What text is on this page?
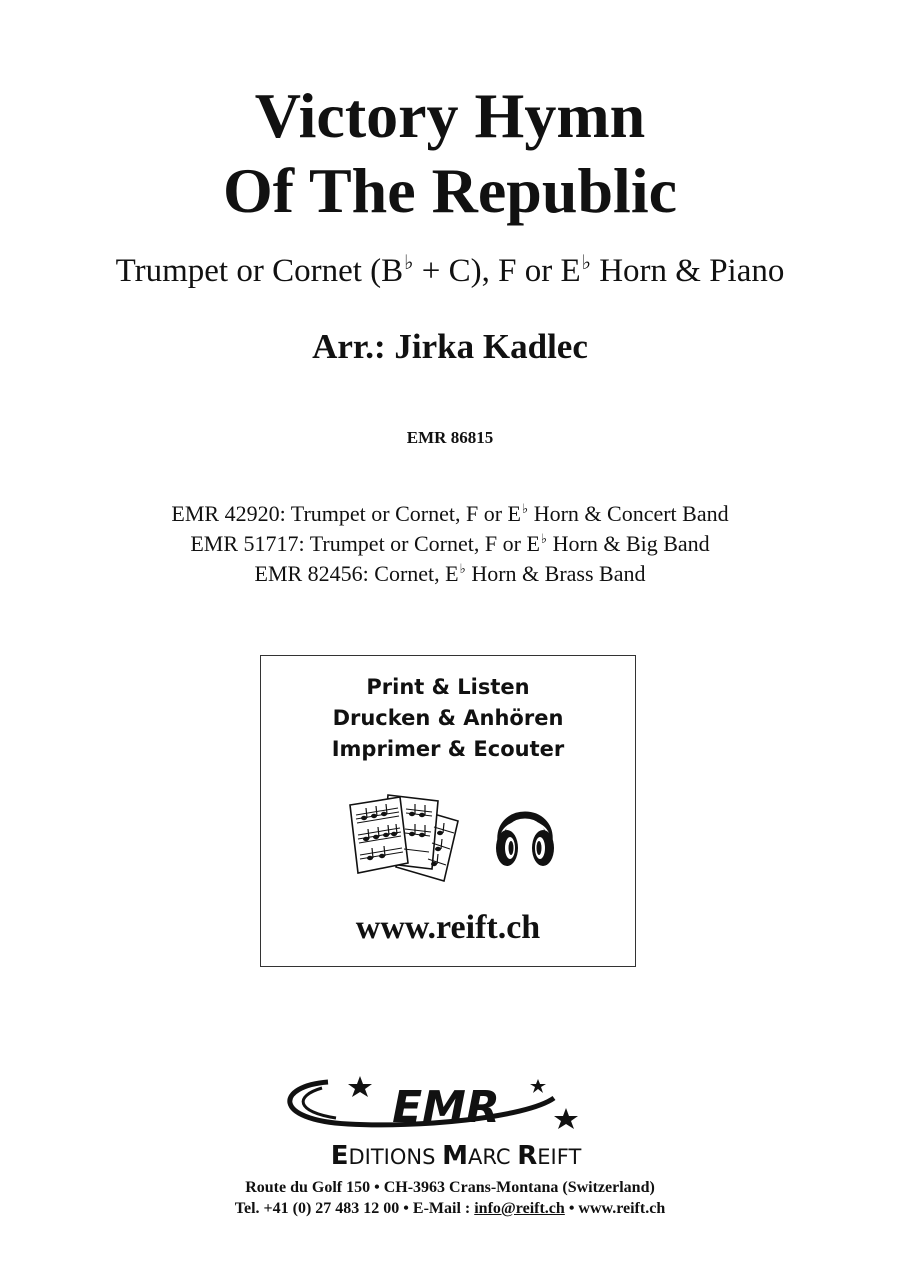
Victory Hymn
Of The Republic
Trumpet or Cornet (B♭ + C), F or E♭ Horn & Piano
Arr.: Jirka Kadlec
EMR 86815
EMR 42920: Trumpet or Cornet, F or E♭ Horn & Concert Band
EMR 51717: Trumpet or Cornet, F or E♭ Horn & Big Band
EMR 82456: Cornet, E♭ Horn & Brass Band
Print & Listen
Drucken & Anhören
Imprimer & Ecouter
www.reift.ch
EMR
EDITIONS MARC REIFT
Route du Golf 150 • CH-3963 Crans-Montana (Switzerland)
Tel. +41 (0) 27 483 12 00 • E-Mail : info@reift.ch • www.reift.ch
